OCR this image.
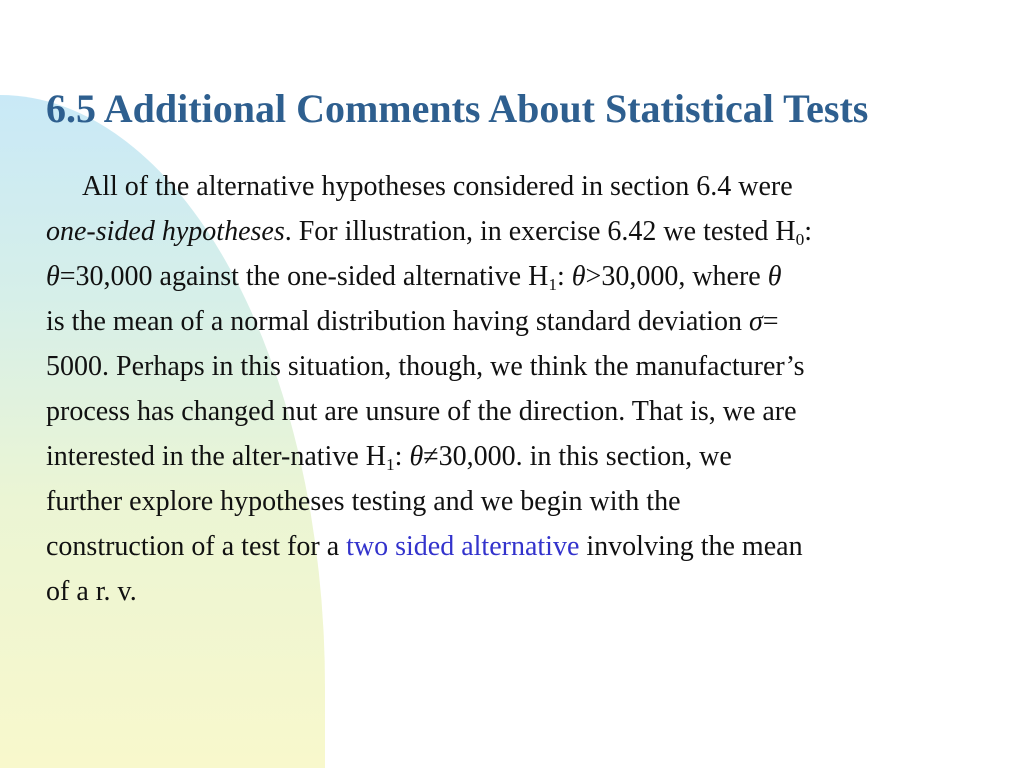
6.5 Additional Comments About Statistical Tests
All of the alternative hypotheses considered in section 6.4 were
one-sided hypotheses. For illustration, in exercise 6.42 we tested $H_0$:
θ=30,000 against the one-sided alternative $H_1$: θ>30,000, where θ
is the mean of a normal distribution having standard deviation σ=
5000. Perhaps in this situation, though, we think the manufacturer’s
process has changed nut are unsure of the direction. That is, we are
interested in the alter-native $H_1$: θ≠30,000. in this section, we
further explore hypotheses testing and we begin with the
construction of a test for a two sided alternative involving the mean
of a r. v.
